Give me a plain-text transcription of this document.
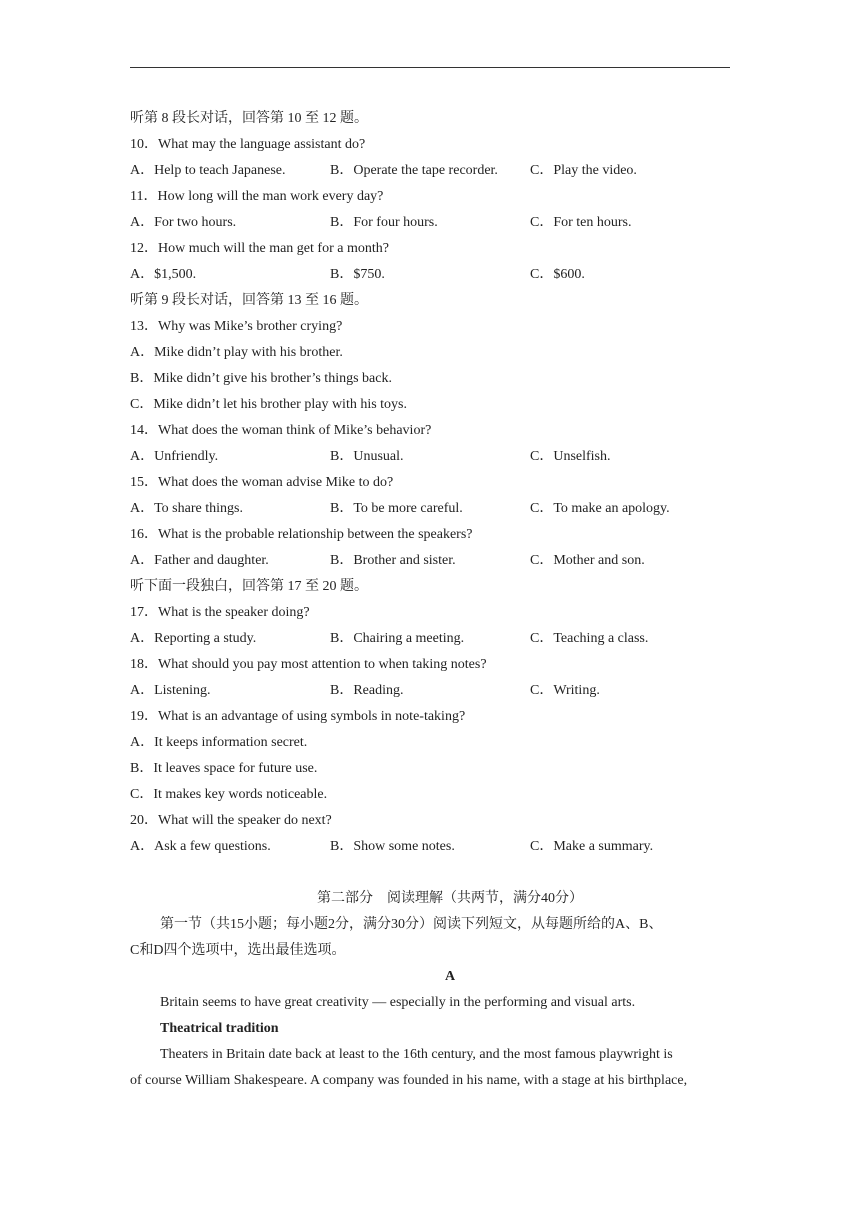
听第 8 段长对话，回答第 10 至 12 题。
10．What may the language assistant do?
A．Help to teach Japanese.	B．Operate the tape recorder. C．Play the video.
11．How long will the man work every day?
A．For two hours.	B．For four hours.	C．For ten hours.
12．How much will the man get for a month?
A．$1,500.	B．$750.	C．$600.
听第 9 段长对话，回答第 13 至 16 题。
13．Why was Mike’s brother crying?
A．Mike didn’t play with his brother.
B．Mike didn’t give his brother’s things back.
C．Mike didn’t let his brother play with his toys.
14．What does the woman think of Mike’s behavior?
A．Unfriendly.	B．Unusual.	C．Unselfish.
15．What does the woman advise Mike to do?
A．To share things.	B．To be more careful.	C．To make an apology.
16．What is the probable relationship between the speakers?
A．Father and daughter.	B．Brother and sister.	C．Mother and son.
听下面一段独白，回答第 17 至 20 题。
17．What is the speaker doing?
A．Reporting a study.	B．Chairing a meeting.	C．Teaching a class.
18．What should you pay most attention to when taking notes?
A．Listening.	B．Reading.	C．Writing.
19．What is an advantage of using symbols in note-taking?
A．It keeps information secret.
B．It leaves space for future use.
C．It makes key words noticeable.
20．What will the speaker do next?
A．Ask a few questions.	B．Show some notes.	C．Make a summary.
第二部分　阅读理解（共两节，满分40分）
第一节（共15小题；每小题2分，满分30分）阅读下列短文，从每题所给的A、B、
C和D四个选项中，选出最佳选项。
A
Britain seems to have great creativity — especially in the performing and visual arts.
Theatrical tradition
Theaters in Britain date back at least to the 16th century, and the most famous playwright is
of course William Shakespeare. A company was founded in his name, with a stage at his birthplace,
